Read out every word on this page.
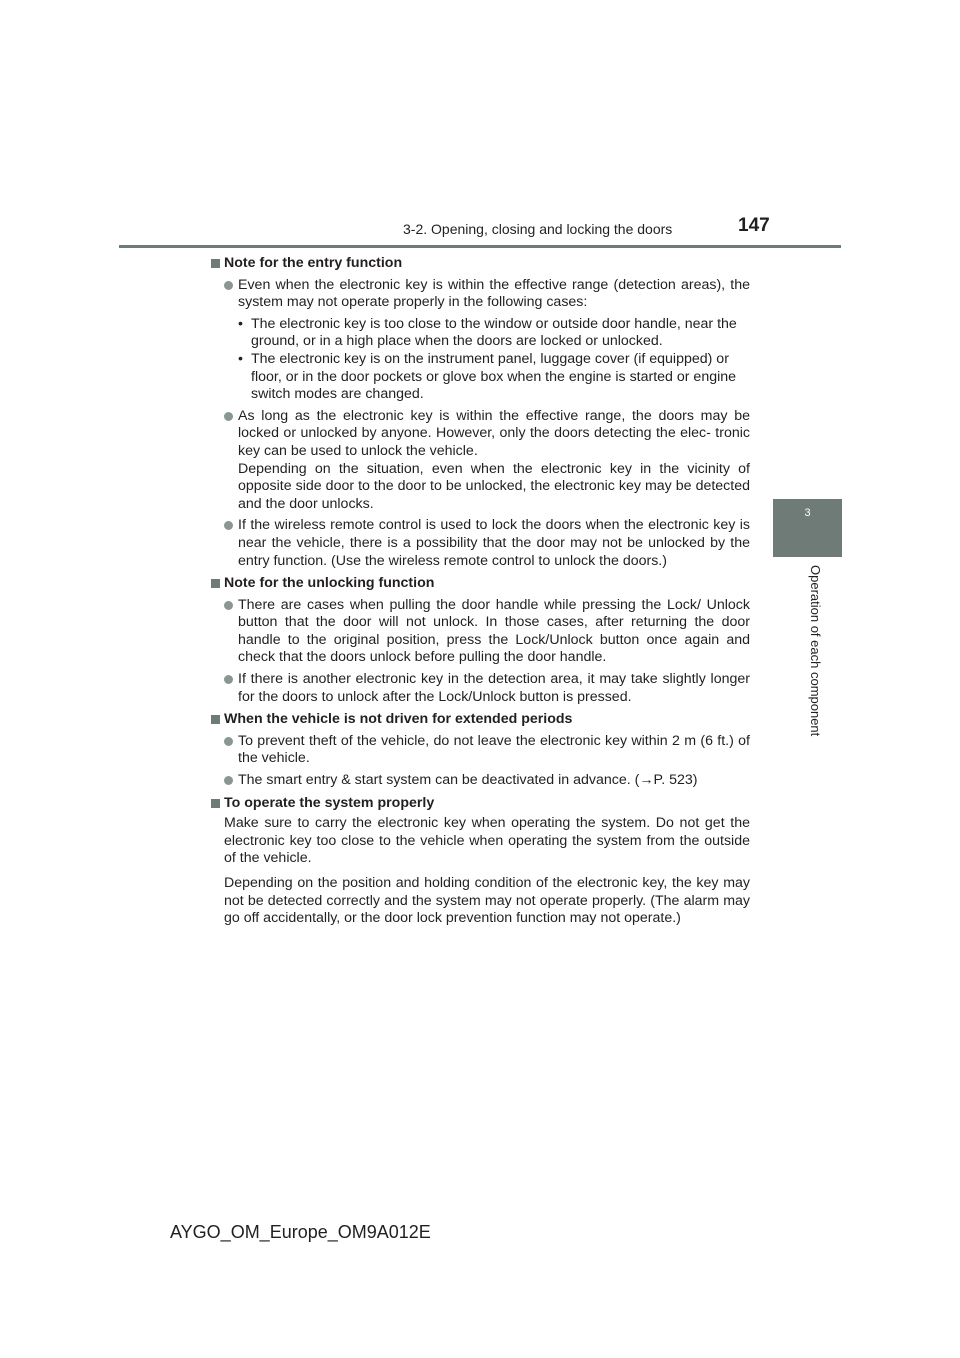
3-2. Opening, closing and locking the doors	147
3
Operation of each component
Note for the entry function
Even when the electronic key is within the effective range (detection areas), the system may not operate properly in the following cases:
• The electronic key is too close to the window or outside door handle, near the ground, or in a high place when the doors are locked or unlocked.
• The electronic key is on the instrument panel, luggage cover (if equipped) or floor, or in the door pockets or glove box when the engine is started or engine switch modes are changed.
As long as the electronic key is within the effective range, the doors may be locked or unlocked by anyone. However, only the doors detecting the elec- tronic key can be used to unlock the vehicle.
Depending on the situation, even when the electronic key in the vicinity of opposite side door to the door to be unlocked, the electronic key may be detected and the door unlocks.
If the wireless remote control is used to lock the doors when the electronic key is near the vehicle, there is a possibility that the door may not be unlocked by the entry function. (Use the wireless remote control to unlock the doors.)
Note for the unlocking function
There are cases when pulling the door handle while pressing the Lock/ Unlock button that the door will not unlock. In those cases, after returning the door handle to the original position, press the Lock/Unlock button once again and check that the doors unlock before pulling the door handle.
If there is another electronic key in the detection area, it may take slightly longer for the doors to unlock after the Lock/Unlock button is pressed.
When the vehicle is not driven for extended periods
To prevent theft of the vehicle, do not leave the electronic key within 2 m (6 ft.) of the vehicle.
The smart entry & start system can be deactivated in advance. (→P. 523)
To operate the system properly
Make sure to carry the electronic key when operating the system. Do not get the electronic key too close to the vehicle when operating the system from the outside of the vehicle.
Depending on the position and holding condition of the electronic key, the key may not be detected correctly and the system may not operate properly. (The alarm may go off accidentally, or the door lock prevention function may not operate.)
AYGO_OM_Europe_OM9A012E
